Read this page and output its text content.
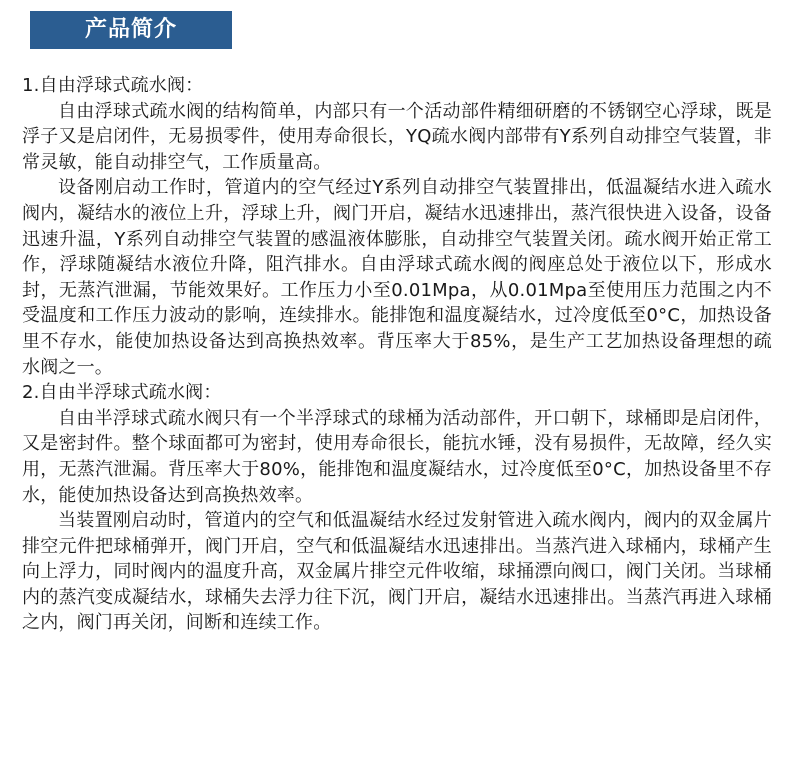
产品简介

1.自由浮球式疏水阀：

自由浮球式疏水阀的结构简单，内部只有一个活动部件精细研磨的不锈钢空心浮球，既是浮子又是启闭件，无易损零件，使用寿命很长，YQ疏水阀内部带有Y系列自动排空气装置，非常灵敏，能自动排空气，工作质量高。

设备刚启动工作时，管道内的空气经过Y系列自动排空气装置排出，低温凝结水进入疏水阀内，凝结水的液位上升，浮球上升，阀门开启，凝结水迅速排出，蒸汽很快进入设备，设备迅速升温，Y系列自动排空气装置的感温液体膨胀，自动排空气装置关闭。疏水阀开始正常工作，浮球随凝结水液位升降，阻汽排水。自由浮球式疏水阀的阀座总处于液位以下，形成水封，无蒸汽泄漏，节能效果好。工作压力小至0.01Mpa，从0.01Mpa至使用压力范围之内不受温度和工作压力波动的影响，连续排水。能排饱和温度凝结水，过冷度低至0°C，加热设备里不存水，能使加热设备达到高换热效率。背压率大于85%，是生产工艺加热设备理想的疏水阀之一。

2.自由半浮球式疏水阀：

自由半浮球式疏水阀只有一个半浮球式的球桶为活动部件，开口朝下，球桶即是启闭件，又是密封件。整个球面都可为密封，使用寿命很长，能抗水锤，没有易损件，无故障，经久实用，无蒸汽泄漏。背压率大于80%，能排饱和温度凝结水，过冷度低至0°C，加热设备里不存水，能使加热设备达到高换热效率。

当装置刚启动时，管道内的空气和低温凝结水经过发射管进入疏水阀内，阀内的双金属片排空元件把球桶弹开，阀门开启，空气和低温凝结水迅速排出。当蒸汽进入球桶内，球桶产生向上浮力，同时阀内的温度升高，双金属片排空元件收缩，球捅漂向阀口，阀门关闭。当球桶内的蒸汽变成凝结水，球桶失去浮力往下沉，阀门开启，凝结水迅速排出。当蒸汽再进入球桶之内，阀门再关闭，间断和连续工作。
